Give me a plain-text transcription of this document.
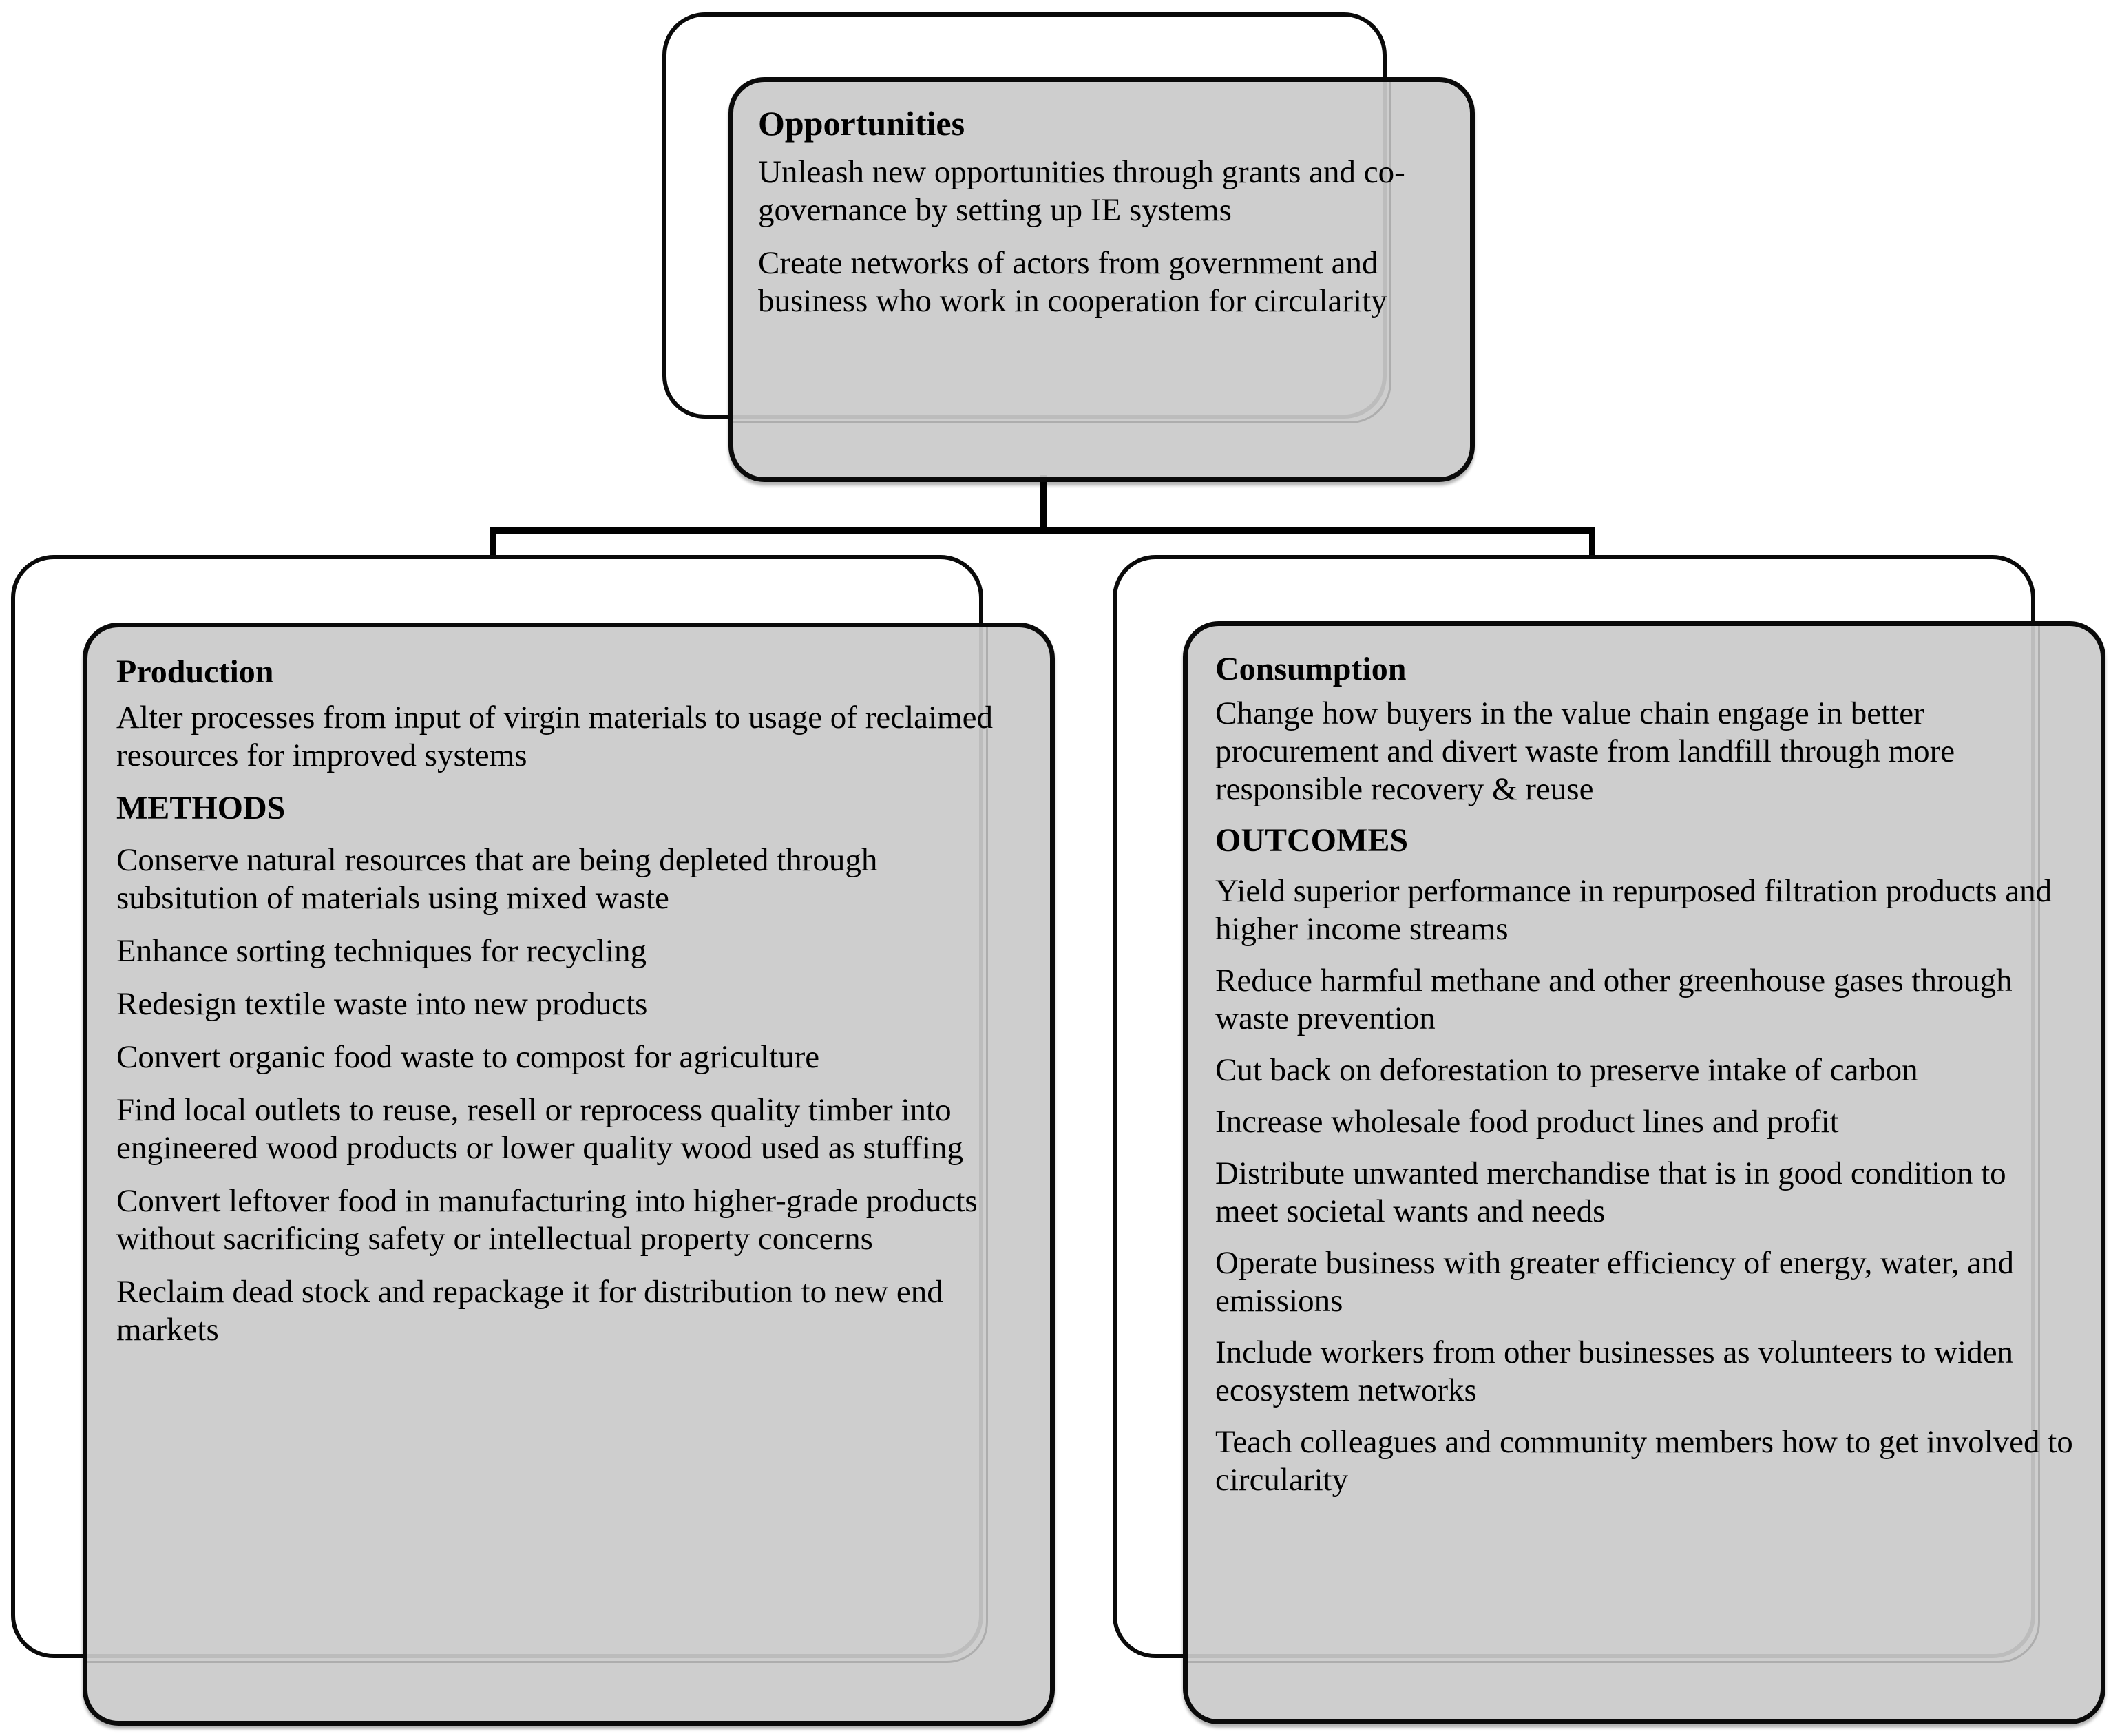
Opportunities

Unleash new opportunities through grants and co-governance by setting up IE systems

Create networks of actors from government and business who work in cooperation for circularity

Production

Alter processes from input of virgin materials to usage of reclaimed resources for improved systems

METHODS

Conserve natural resources that are being depleted through subsitution of materials using mixed waste

Enhance sorting techniques for recycling

Redesign textile waste into new products

Convert organic food waste to compost for agriculture

Find local outlets to reuse, resell or reprocess quality timber into engineered wood products or lower quality wood used as stuffing

Convert leftover food in manufacturing into higher-grade products without sacrificing safety or intellectual property concerns

Reclaim dead stock and repackage it for distribution to new end markets

Consumption

Change how buyers in the value chain engage in better procurement and divert waste from landfill through more responsible recovery & reuse

OUTCOMES

Yield superior performance in repurposed filtration products and higher income streams

Reduce harmful methane and other greenhouse gases through waste prevention

Cut back on deforestation to preserve intake of carbon

Increase wholesale food product lines and profit

Distribute unwanted merchandise that is in good condition to meet societal wants and needs

Operate business with greater efficiency of energy, water, and emissions

Include workers from other businesses as volunteers to widen ecosystem networks

Teach colleagues and community members how to get involved to circularity
